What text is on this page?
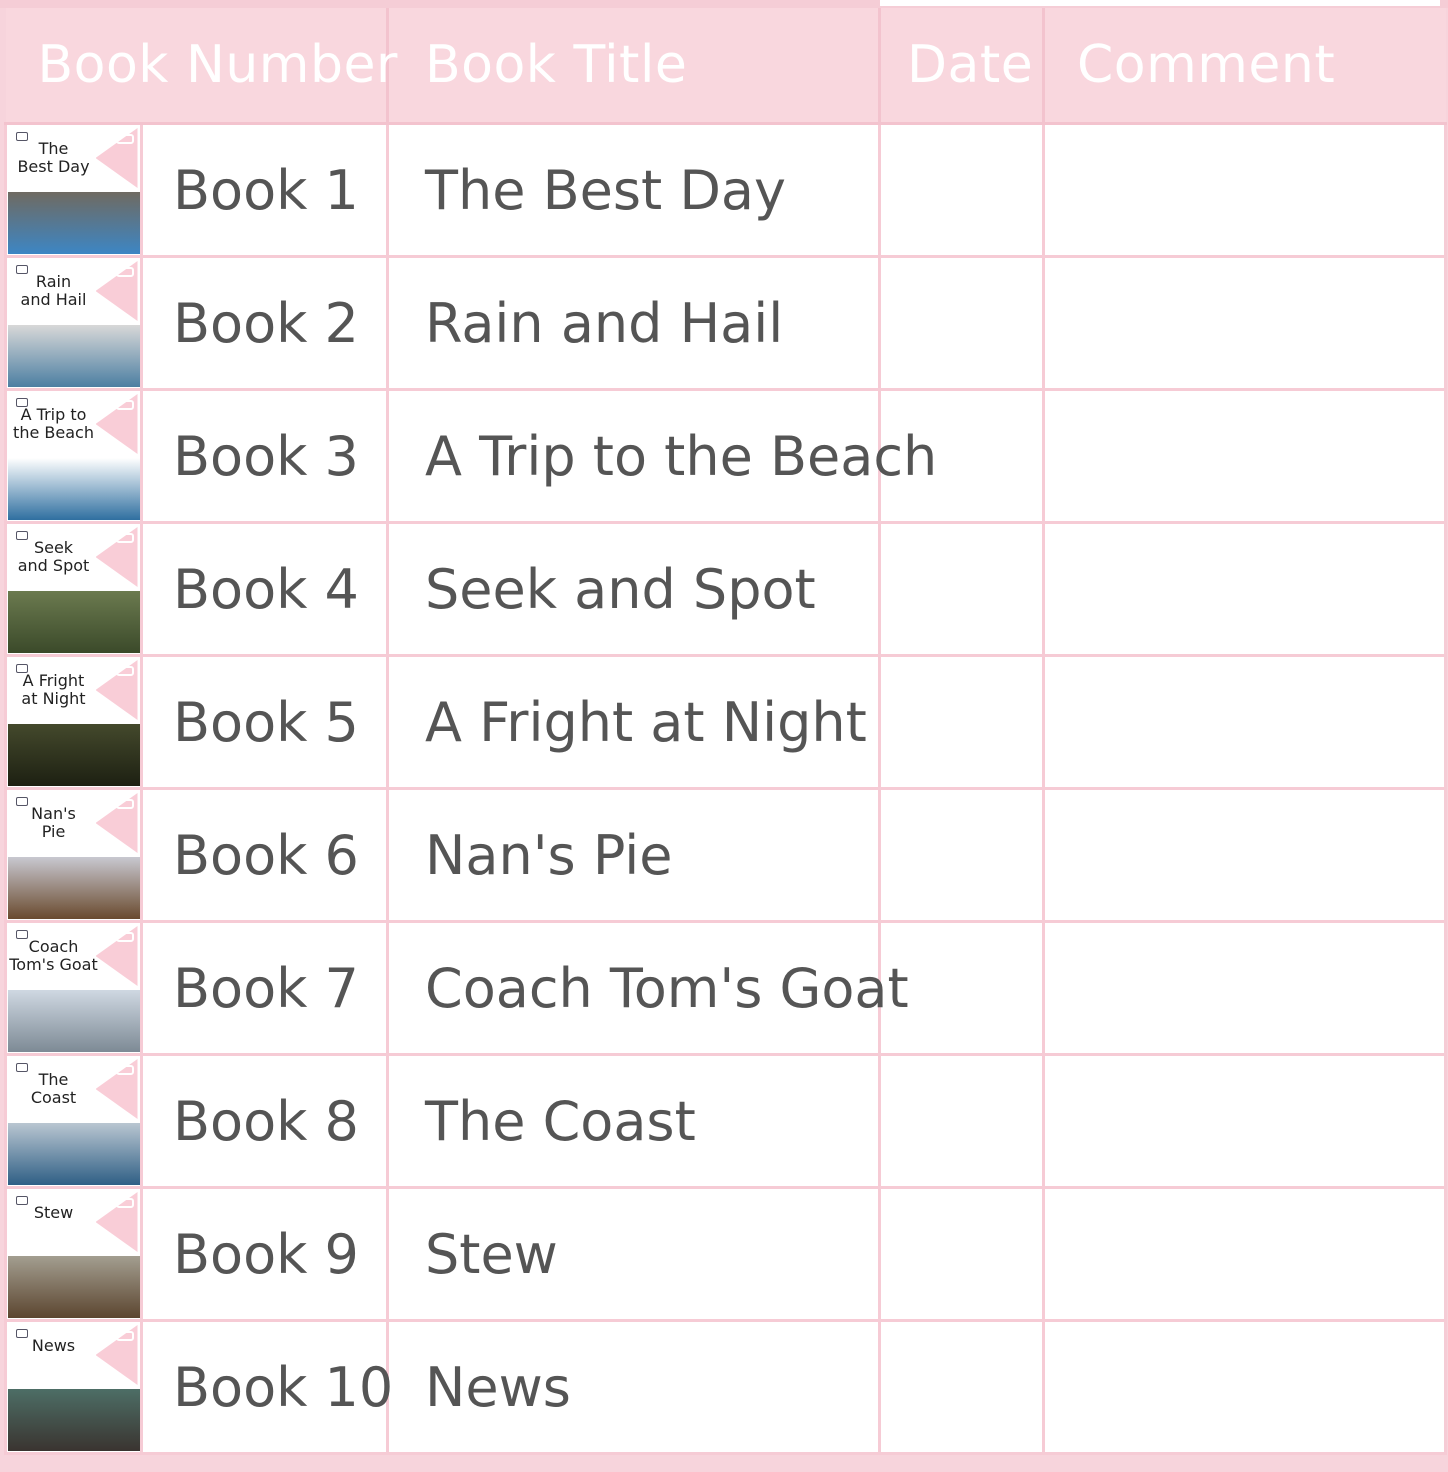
Book Number		Book Title	Date	Comment

The
Best Day	Book 1	The Best Day		

Rain
and Hail	Book 2	Rain and Hail		

A Trip to
the Beach	Book 3	A Trip to the Beach		

Seek
and Spot	Book 4	Seek and Spot		

A Fright
at Night	Book 5	A Fright at Night		

Nan's
Pie	Book 6	Nan's Pie		

Coach
Tom's Goat	Book 7	Coach Tom's Goat		

The
Coast	Book 8	The Coast		

Stew	Book 9	Stew		

News	Book 10	News		
